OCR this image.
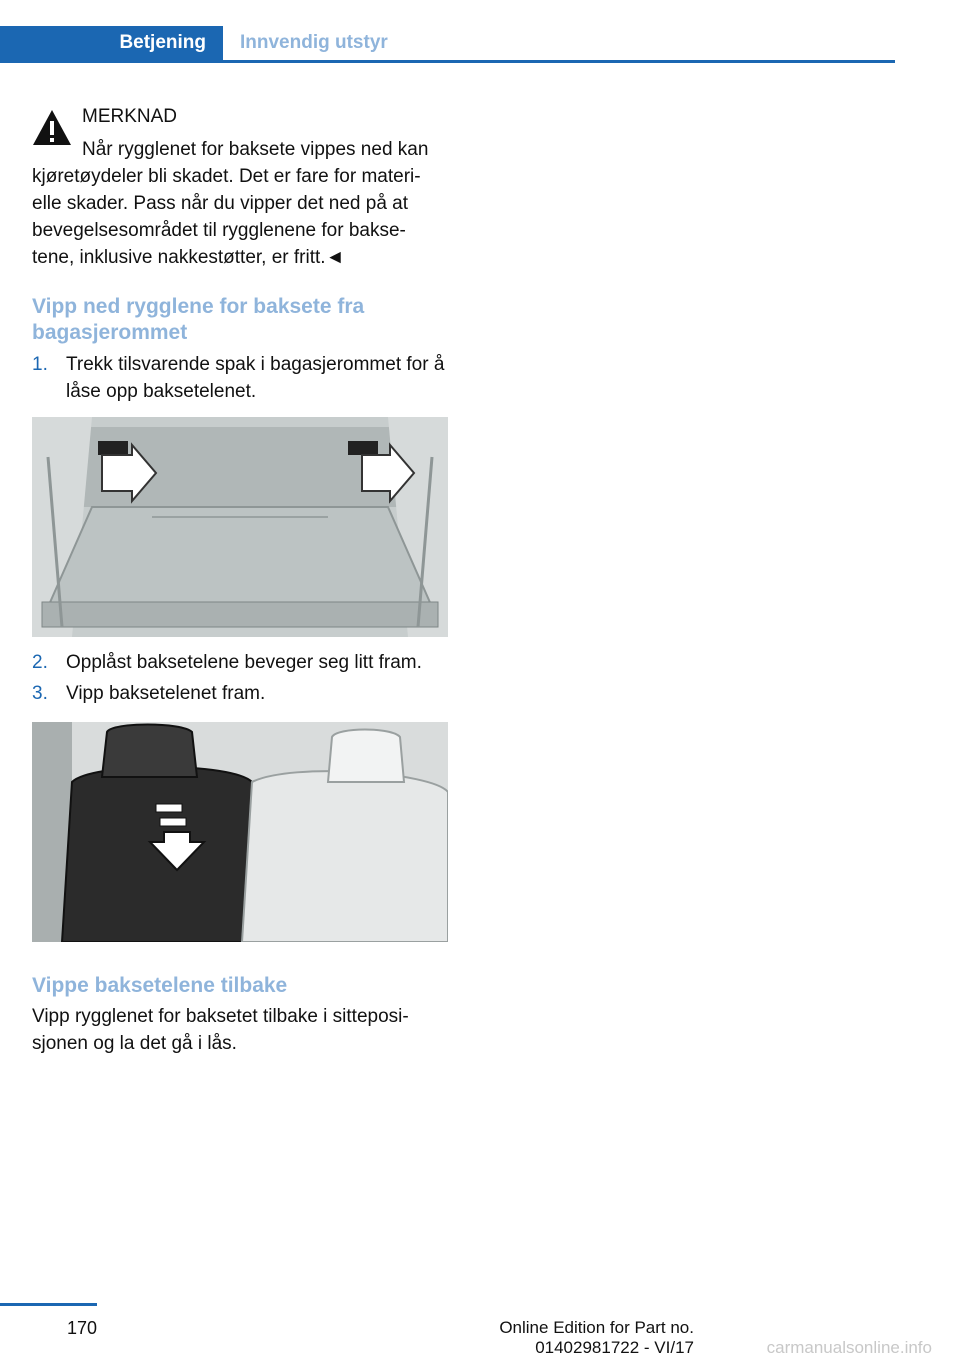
Betjening	Innvendig utstyr
MERKNAD
Når rygglenet for baksete vippes ned kan
kjøretøydeler bli skadet. Det er fare for materi-elle skader. Pass når du vipper det ned på at bevegelsesområdet til rygglenene for bakse-tene, inklusive nakkestøtter, er fritt.◄
Vipp ned rygglene for baksete fra bagasjerommet
1. Trekk tilsvarende spak i bagasjerommet for å låse opp baksetelenet.
2. Opplåst baksetelene beveger seg litt fram.
3. Vipp baksetelenet fram.
Vippe baksetelene tilbake
Vipp rygglenet for baksetet tilbake i sitteposi-sjonen og la det gå i lås.
170	Online Edition for Part no. 01402981722 - VI/17	carmanualsonline.info
